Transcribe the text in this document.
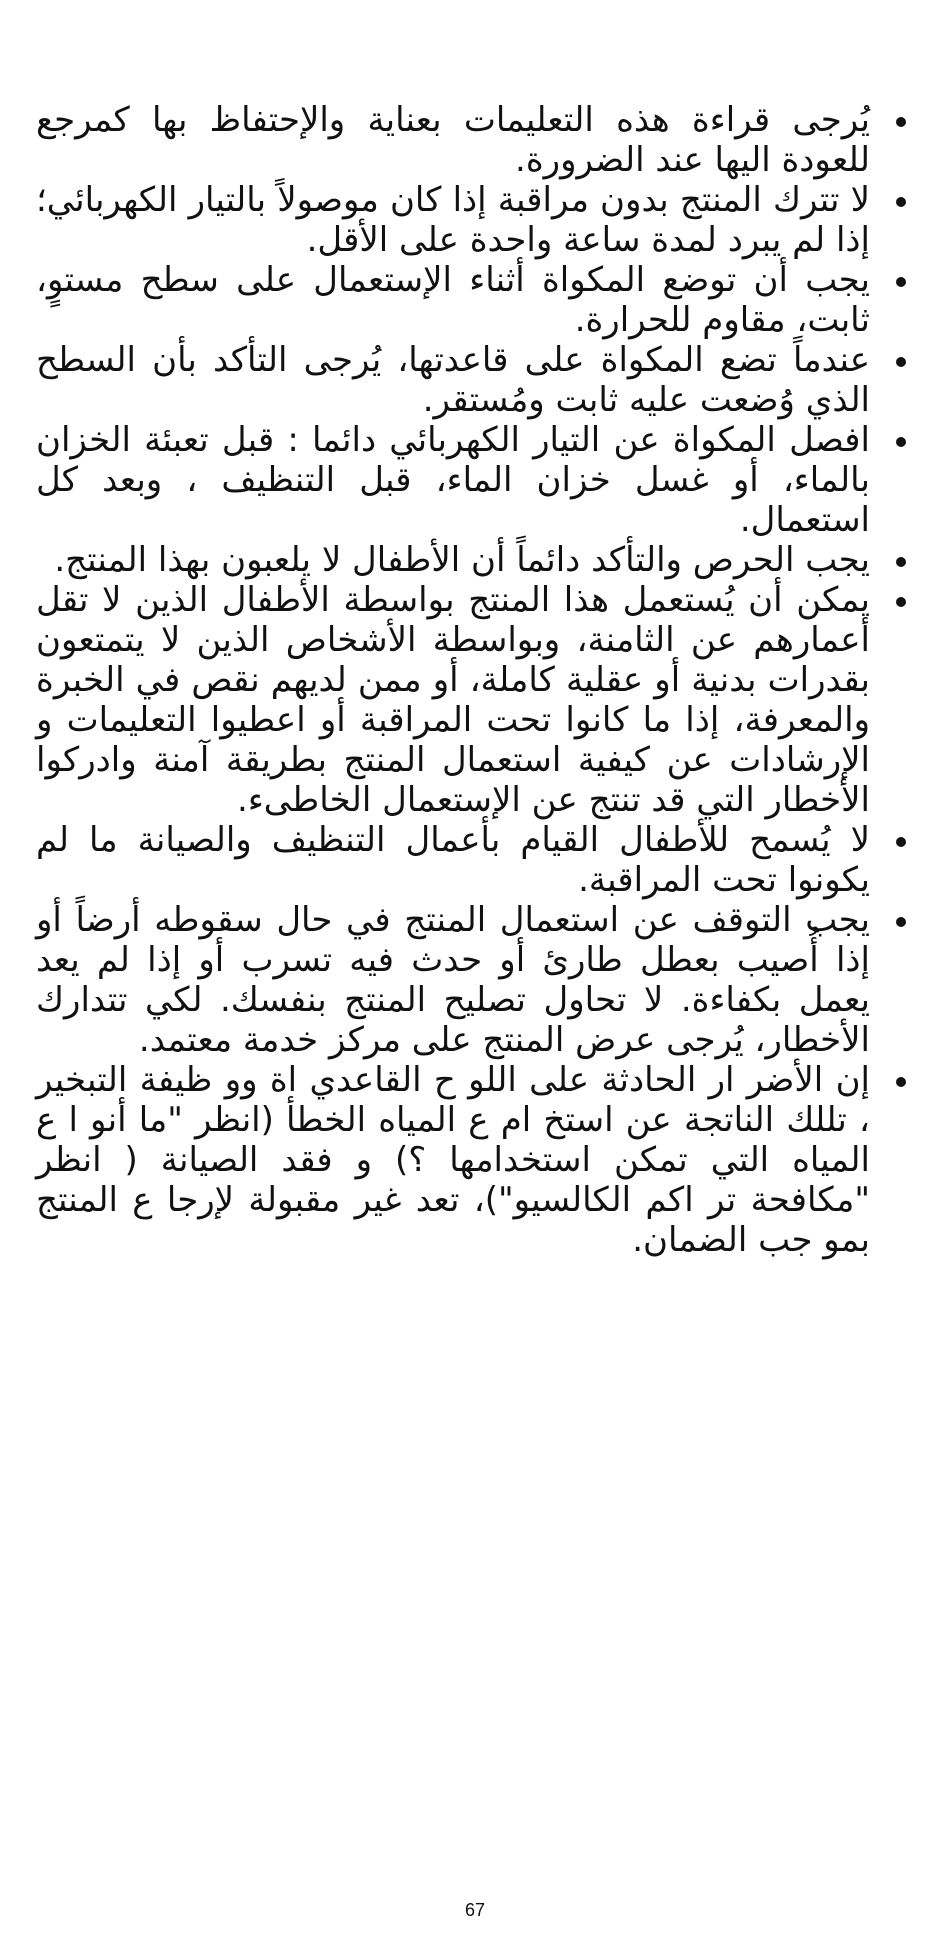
يُرجى قراءة هذه التعليمات بعناية والإحتفاظ بها كمرجع للعودة اليها عند الضرورة.
لا تترك المنتج بدون مراقبة إذا كان موصولاً بالتيار الكهربائي؛ إذا لم يبرد لمدة ساعة واحدة على الأقل.
يجب أن توضع المكواة أثناء الإستعمال على سطح مستوٍ، ثابت، مقاوم للحرارة.
عندماً تضع المكواة على قاعدتها، يُرجى التأكد بأن السطح الذي وُضعت عليه ثابت ومُستقر.
افصل المكواة عن التيار الكهربائي دائما : قبل تعبئة الخزان بالماء، أو غسل خزان الماء، قبل التنظيف ، وبعد كل استعمال.
يجب الحرص والتأكد دائماً أن الأطفال لا يلعبون بهذا المنتج.
يمكن أن يُستعمل هذا المنتج بواسطة الأطفال الذين لا تقل أعمارهم عن الثامنة، وبواسطة الأشخاص الذين لا يتمتعون بقدرات بدنية أو عقلية كاملة، أو ممن لديهم نقص في الخبرة والمعرفة، إذا ما كانوا تحت المراقبة أو اعطيوا التعليمات و الإرشادات عن كيفية استعمال المنتج بطريقة آمنة وادركوا الأخطار التي قد تنتج عن الإستعمال الخاطىء.
لا يُسمح للأطفال القيام بأعمال التنظيف والصيانة ما لم يكونوا تحت المراقبة.
يجب التوقف عن استعمال المنتج في حال سقوطه أرضاً أو إذا أُصيب بعطل طارئ أو حدث فيه تسرب أو إذا لم يعد يعمل بكفاءة. لا تحاول تصليح المنتج بنفسك. لكي تتدارك الأخطار، يُرجى عرض المنتج على مركز خدمة معتمد.
إن الأضر ار الحادثة على اللو ح القاعدي اة وو ظيفة التبخير ، تللك الناتجة عن استخ ام ع المياه الخطأ (انظر "ما أنو ا ع المياه التي تمكن استخدامها ؟) و فقد الصيانة ( انظر "مكافحة تر اكم الكالسيو")، تعد غير مقبولة لإرجا ع المنتج بمو جب الضمان.
67
